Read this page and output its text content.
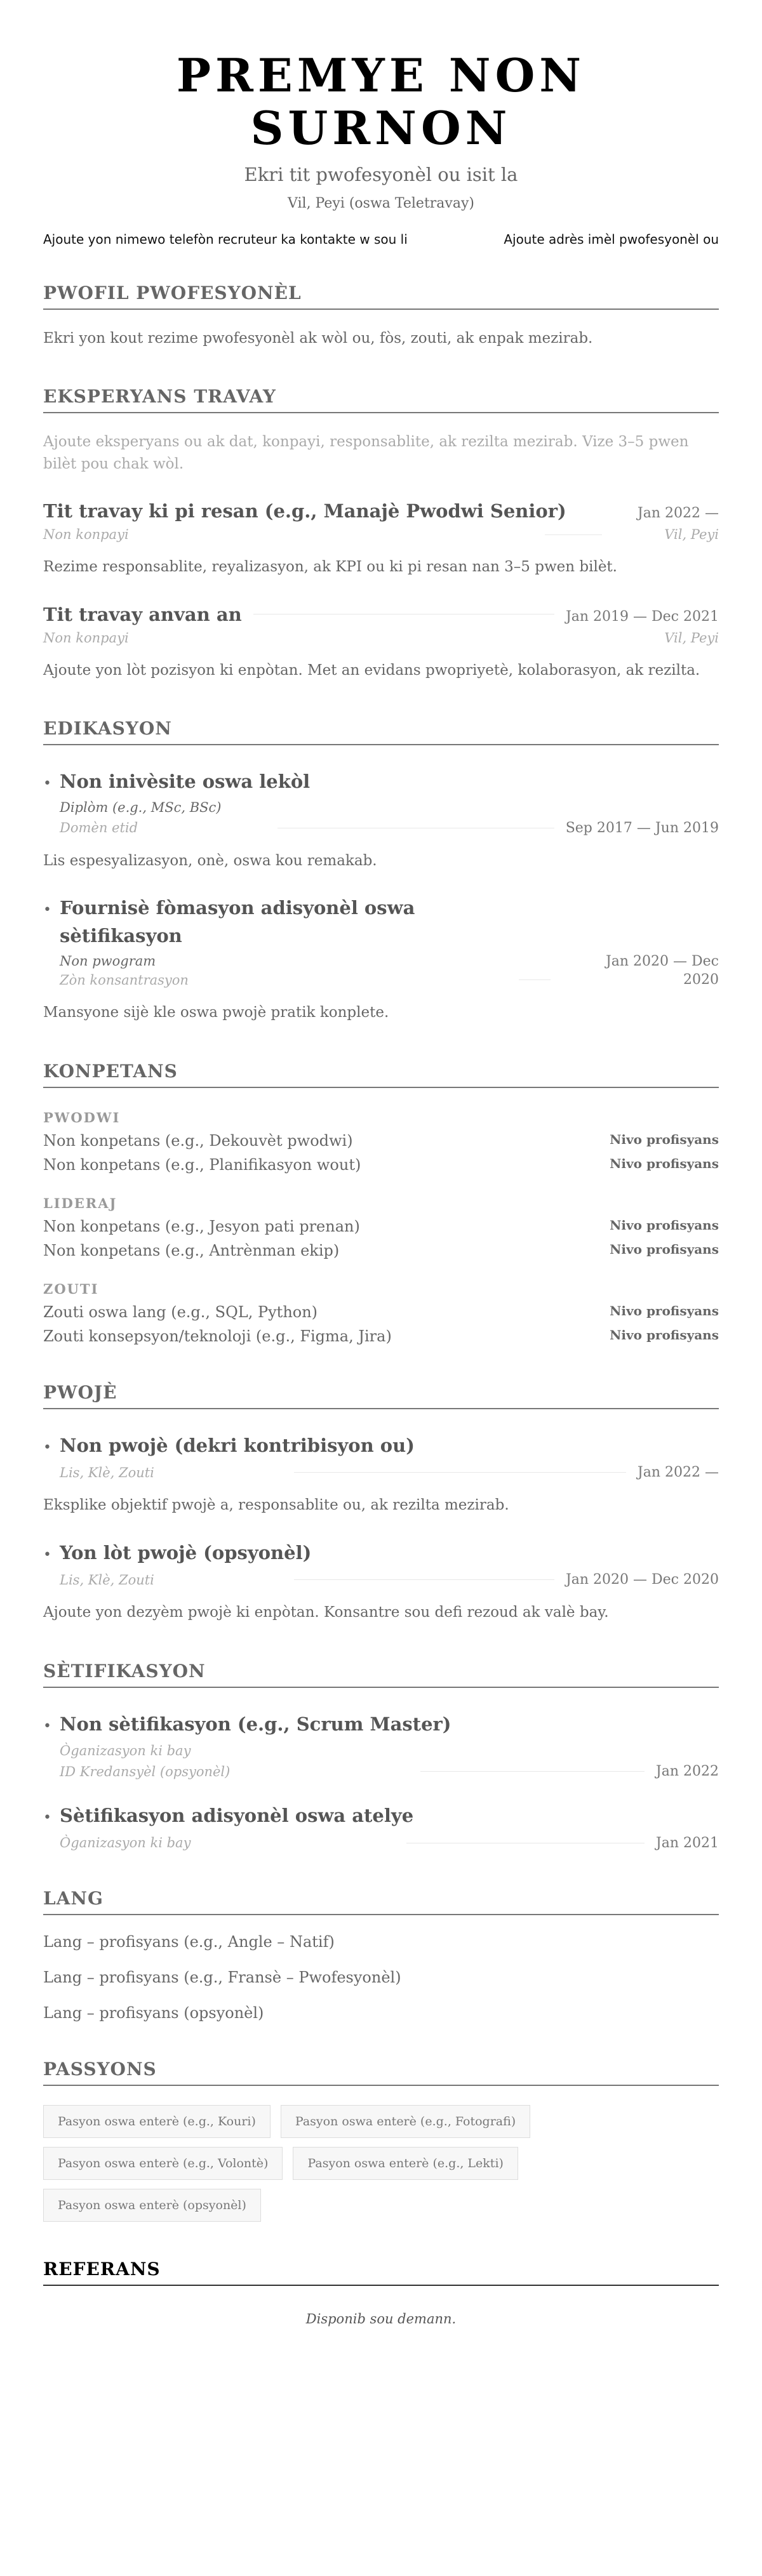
PREMYE NON SURNON
Ekri tit pwofesyonèl ou isit la
Vil, Peyi (oswa Teletravay)
Ajoute yon nimewo telefòn recruteur ka kontakte w sou li	Ajoute adrès imèl pwofesyonèl ou
PWOFIL PWOFESYONÈL
Ekri yon kout rezime pwofesyonèl ak wòl ou, fòs, zouti, ak enpak mezirab.
EKSPERYANS TRAVAY
Ajoute eksperyans ou ak dat, konpayi, responsablite, ak rezilta mezirab. Vize 3–5 pwen bilèt pou chak wòl.
Tit travay ki pi resan (e.g., Manajè Pwodwi Senior)	Jan 2022 —
Non konpayi	Vil, Peyi
Rezime responsablite, reyalizasyon, ak KPI ou ki pi resan nan 3–5 pwen bilèt.
Tit travay anvan an	Jan 2019 — Dec 2021
Non konpayi	Vil, Peyi
Ajoute yon lòt pozisyon ki enpòtan. Met an evidans pwopriyetè, kolaborasyon, ak rezilta.
EDIKASYON
• Non inivèsite oswa lekòl
Diplòm (e.g., MSc, BSc)
Domèn etid	Sep 2017 — Jun 2019
Lis espesyalizasyon, onè, oswa kou remakab.
• Fournisè fòmasyon adisyonèl oswa sètifikasyon
Non pwogram	Jan 2020 — Dec
Zòn konsantrasyon	2020
Mansyone sijè kle oswa pwojè pratik konplete.
KONPETANS
PWODWI
Non konpetans (e.g., Dekouvèt pwodwi)	Nivo profisyans
Non konpetans (e.g., Planifikasyon wout)	Nivo profisyans
LIDERAJ
Non konpetans (e.g., Jesyon pati prenan)	Nivo profisyans
Non konpetans (e.g., Antrènman ekip)	Nivo profisyans
ZOUTI
Zouti oswa lang (e.g., SQL, Python)	Nivo profisyans
Zouti konsepsyon/teknoloji (e.g., Figma, Jira)	Nivo profisyans
PWOJÈ
• Non pwojè (dekri kontribisyon ou)
Lis, Klè, Zouti	Jan 2022 —
Eksplike objektif pwojè a, responsablite ou, ak rezilta mezirab.
• Yon lòt pwojè (opsyonèl)
Lis, Klè, Zouti	Jan 2020 — Dec 2020
Ajoute yon dezyèm pwojè ki enpòtan. Konsantre sou defi rezoud ak valè bay.
SÈTIFIKASYON
• Non sètifikasyon (e.g., Scrum Master)
Òganizasyon ki bay
ID Kredansyèl (opsyonèl)	Jan 2022
• Sètifikasyon adisyonèl oswa atelye
Òganizasyon ki bay	Jan 2021
LANG
Lang – profisyans (e.g., Angle – Natif)
Lang – profisyans (e.g., Fransè – Pwofesyonèl)
Lang – profisyans (opsyonèl)
PASSYONS
Pasyon oswa enterè (e.g., Kouri)	Pasyon oswa enterè (e.g., Fotografi)
Pasyon oswa enterè (e.g., Volontè)	Pasyon oswa enterè (e.g., Lekti)
Pasyon oswa enterè (opsyonèl)
REFERANS
Disponib sou demann.
